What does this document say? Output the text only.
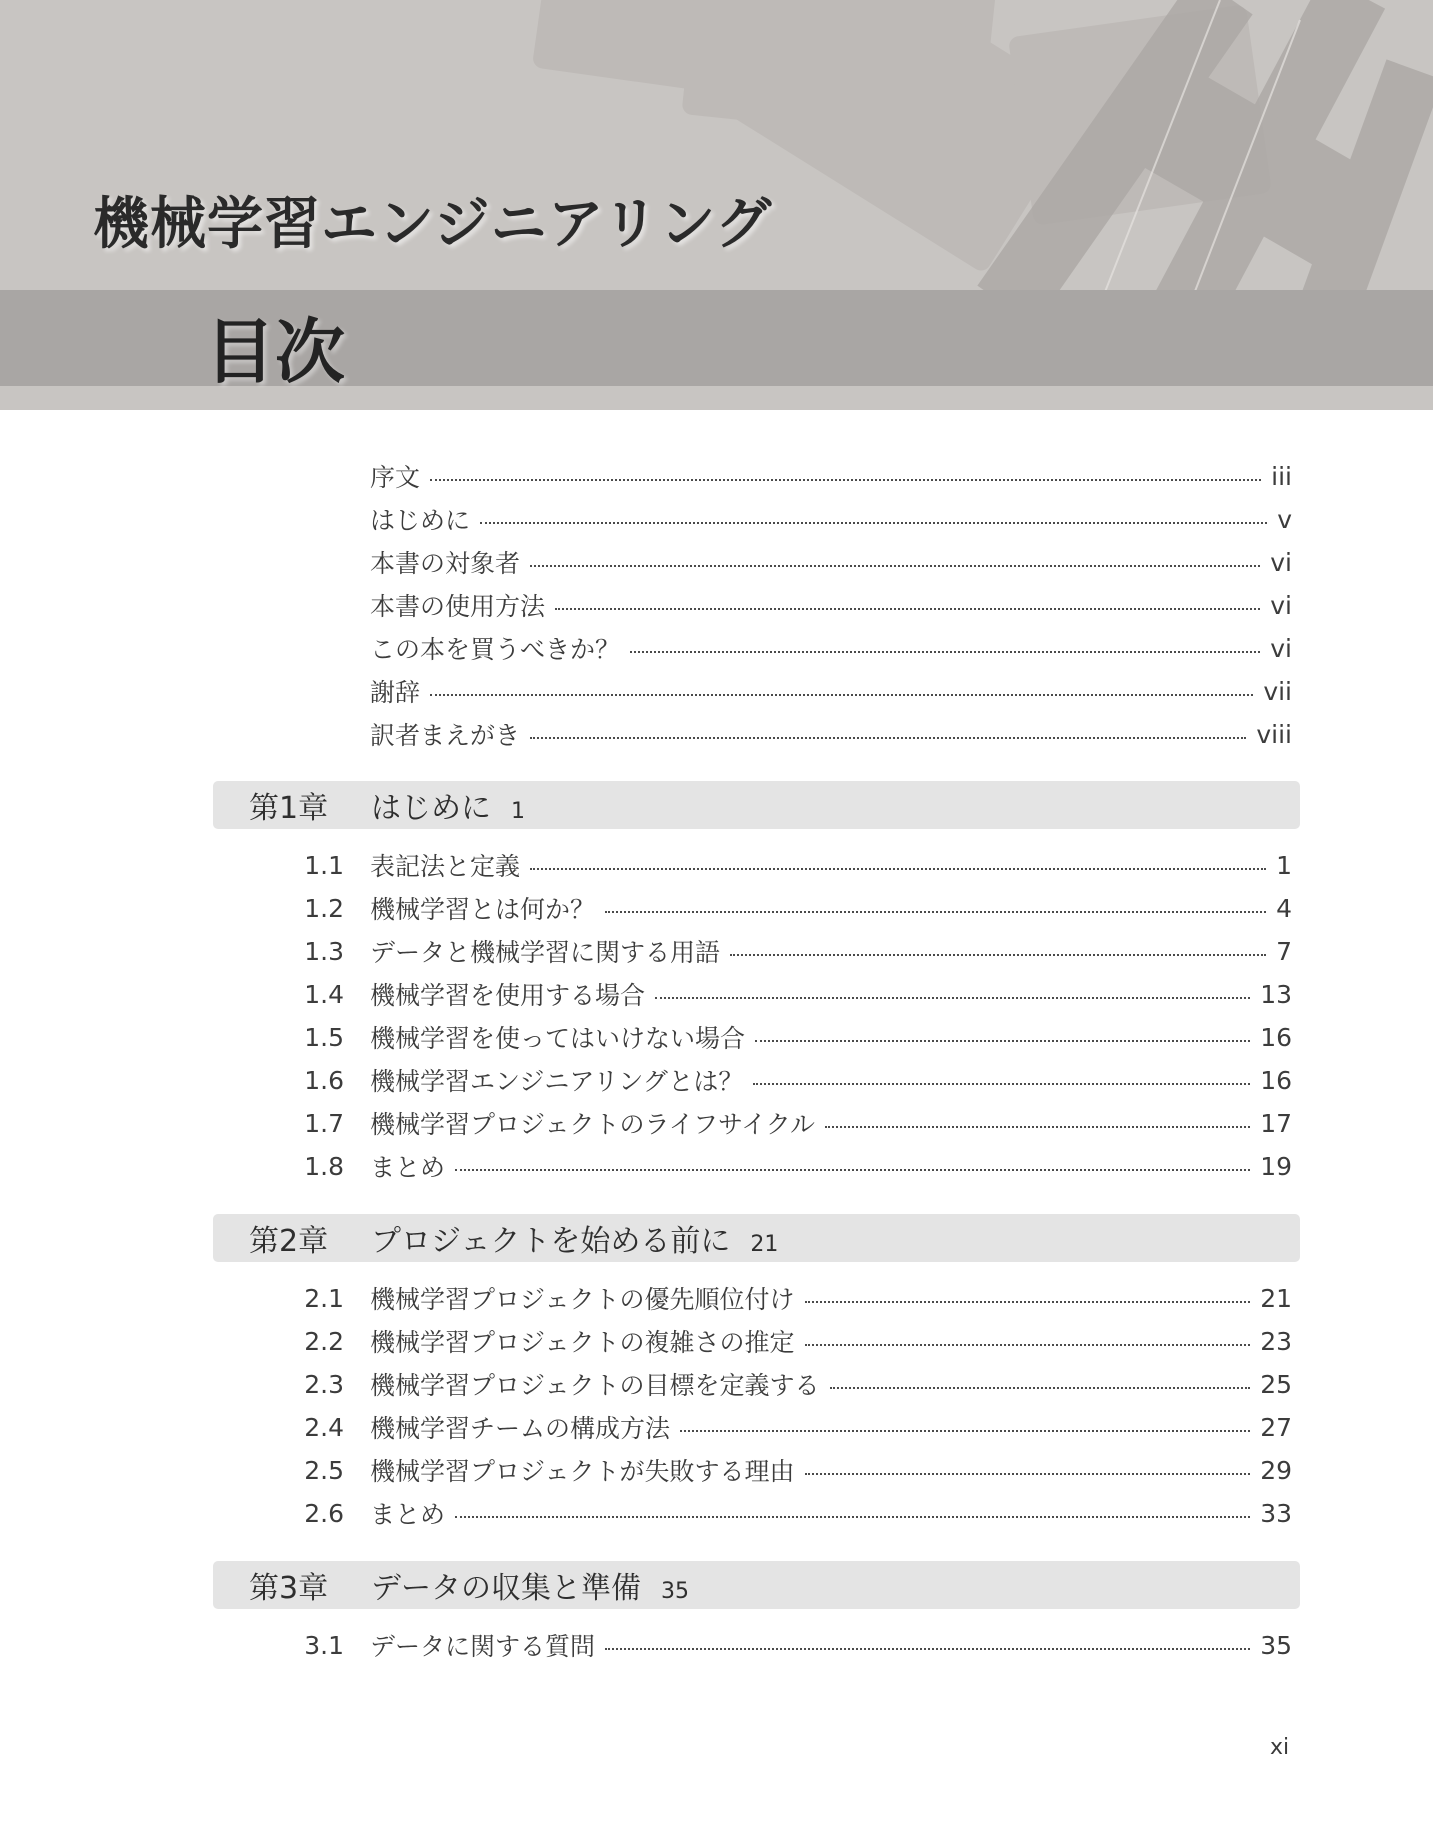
機械学習エンジニアリング
目次
序文	iii
はじめに	v
本書の対象者	vi
本書の使用方法	vi
この本を買うべきか？	vi
謝辞	vii
訳者まえがき	viii
第1章 はじめに 1
1.1 表記法と定義	1
1.2 機械学習とは何か？	4
1.3 データと機械学習に関する用語	7
1.4 機械学習を使用する場合	13
1.5 機械学習を使ってはいけない場合	16
1.6 機械学習エンジニアリングとは？	16
1.7 機械学習プロジェクトのライフサイクル	17
1.8 まとめ	19
第2章 プロジェクトを始める前に 21
2.1 機械学習プロジェクトの優先順位付け	21
2.2 機械学習プロジェクトの複雑さの推定	23
2.3 機械学習プロジェクトの目標を定義する	25
2.4 機械学習チームの構成方法	27
2.5 機械学習プロジェクトが失敗する理由	29
2.6 まとめ	33
第3章 データの収集と準備 35
3.1 データに関する質問	35
xi
